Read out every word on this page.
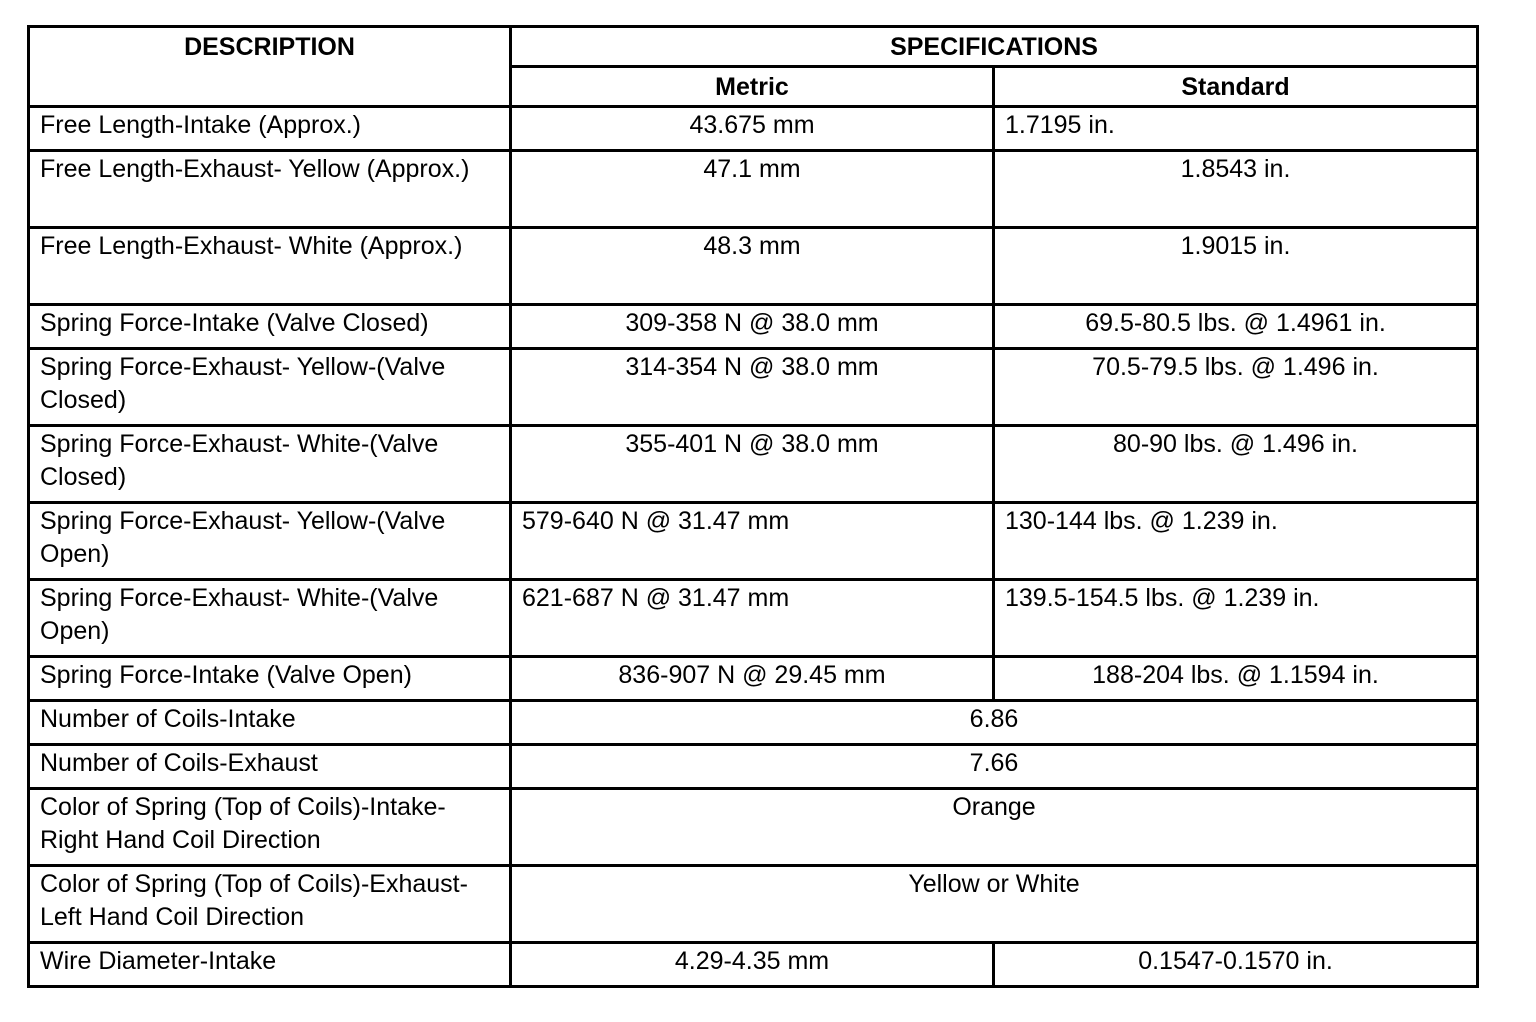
DESCRIPTION	SPECIFICATIONS	
	Metric	Standard
Free Length-Intake (Approx.)	43.675 mm	1.7195 in.
Free Length-Exhaust- Yellow (Approx.)	47.1 mm	1.8543 in.
Free Length-Exhaust- White (Approx.)	48.3 mm	1.9015 in.
Spring Force-Intake (Valve Closed)	309-358 N @ 38.0 mm	69.5-80.5 lbs. @ 1.4961 in.
Spring Force-Exhaust- Yellow-(Valve Closed)	314-354 N @ 38.0 mm	70.5-79.5 lbs. @ 1.496 in.
Spring Force-Exhaust- White-(Valve Closed)	355-401 N @ 38.0 mm	80-90 lbs. @ 1.496 in.
Spring Force-Exhaust- Yellow-(Valve Open)	579-640 N @ 31.47 mm	130-144 lbs. @ 1.239 in.
Spring Force-Exhaust- White-(Valve Open)	621-687 N @ 31.47 mm	139.5-154.5 lbs. @ 1.239 in.
Spring Force-Intake (Valve Open)	836-907 N @ 29.45 mm	188-204 lbs. @ 1.1594 in.
Number of Coils-Intake	6.86	
Number of Coils-Exhaust	7.66	
Color of Spring (Top of Coils)-Intake-Right Hand Coil Direction	Orange	
Color of Spring (Top of Coils)-Exhaust-Left Hand Coil Direction	Yellow or White	
Wire Diameter-Intake	4.29-4.35 mm	0.1547-0.1570 in.
